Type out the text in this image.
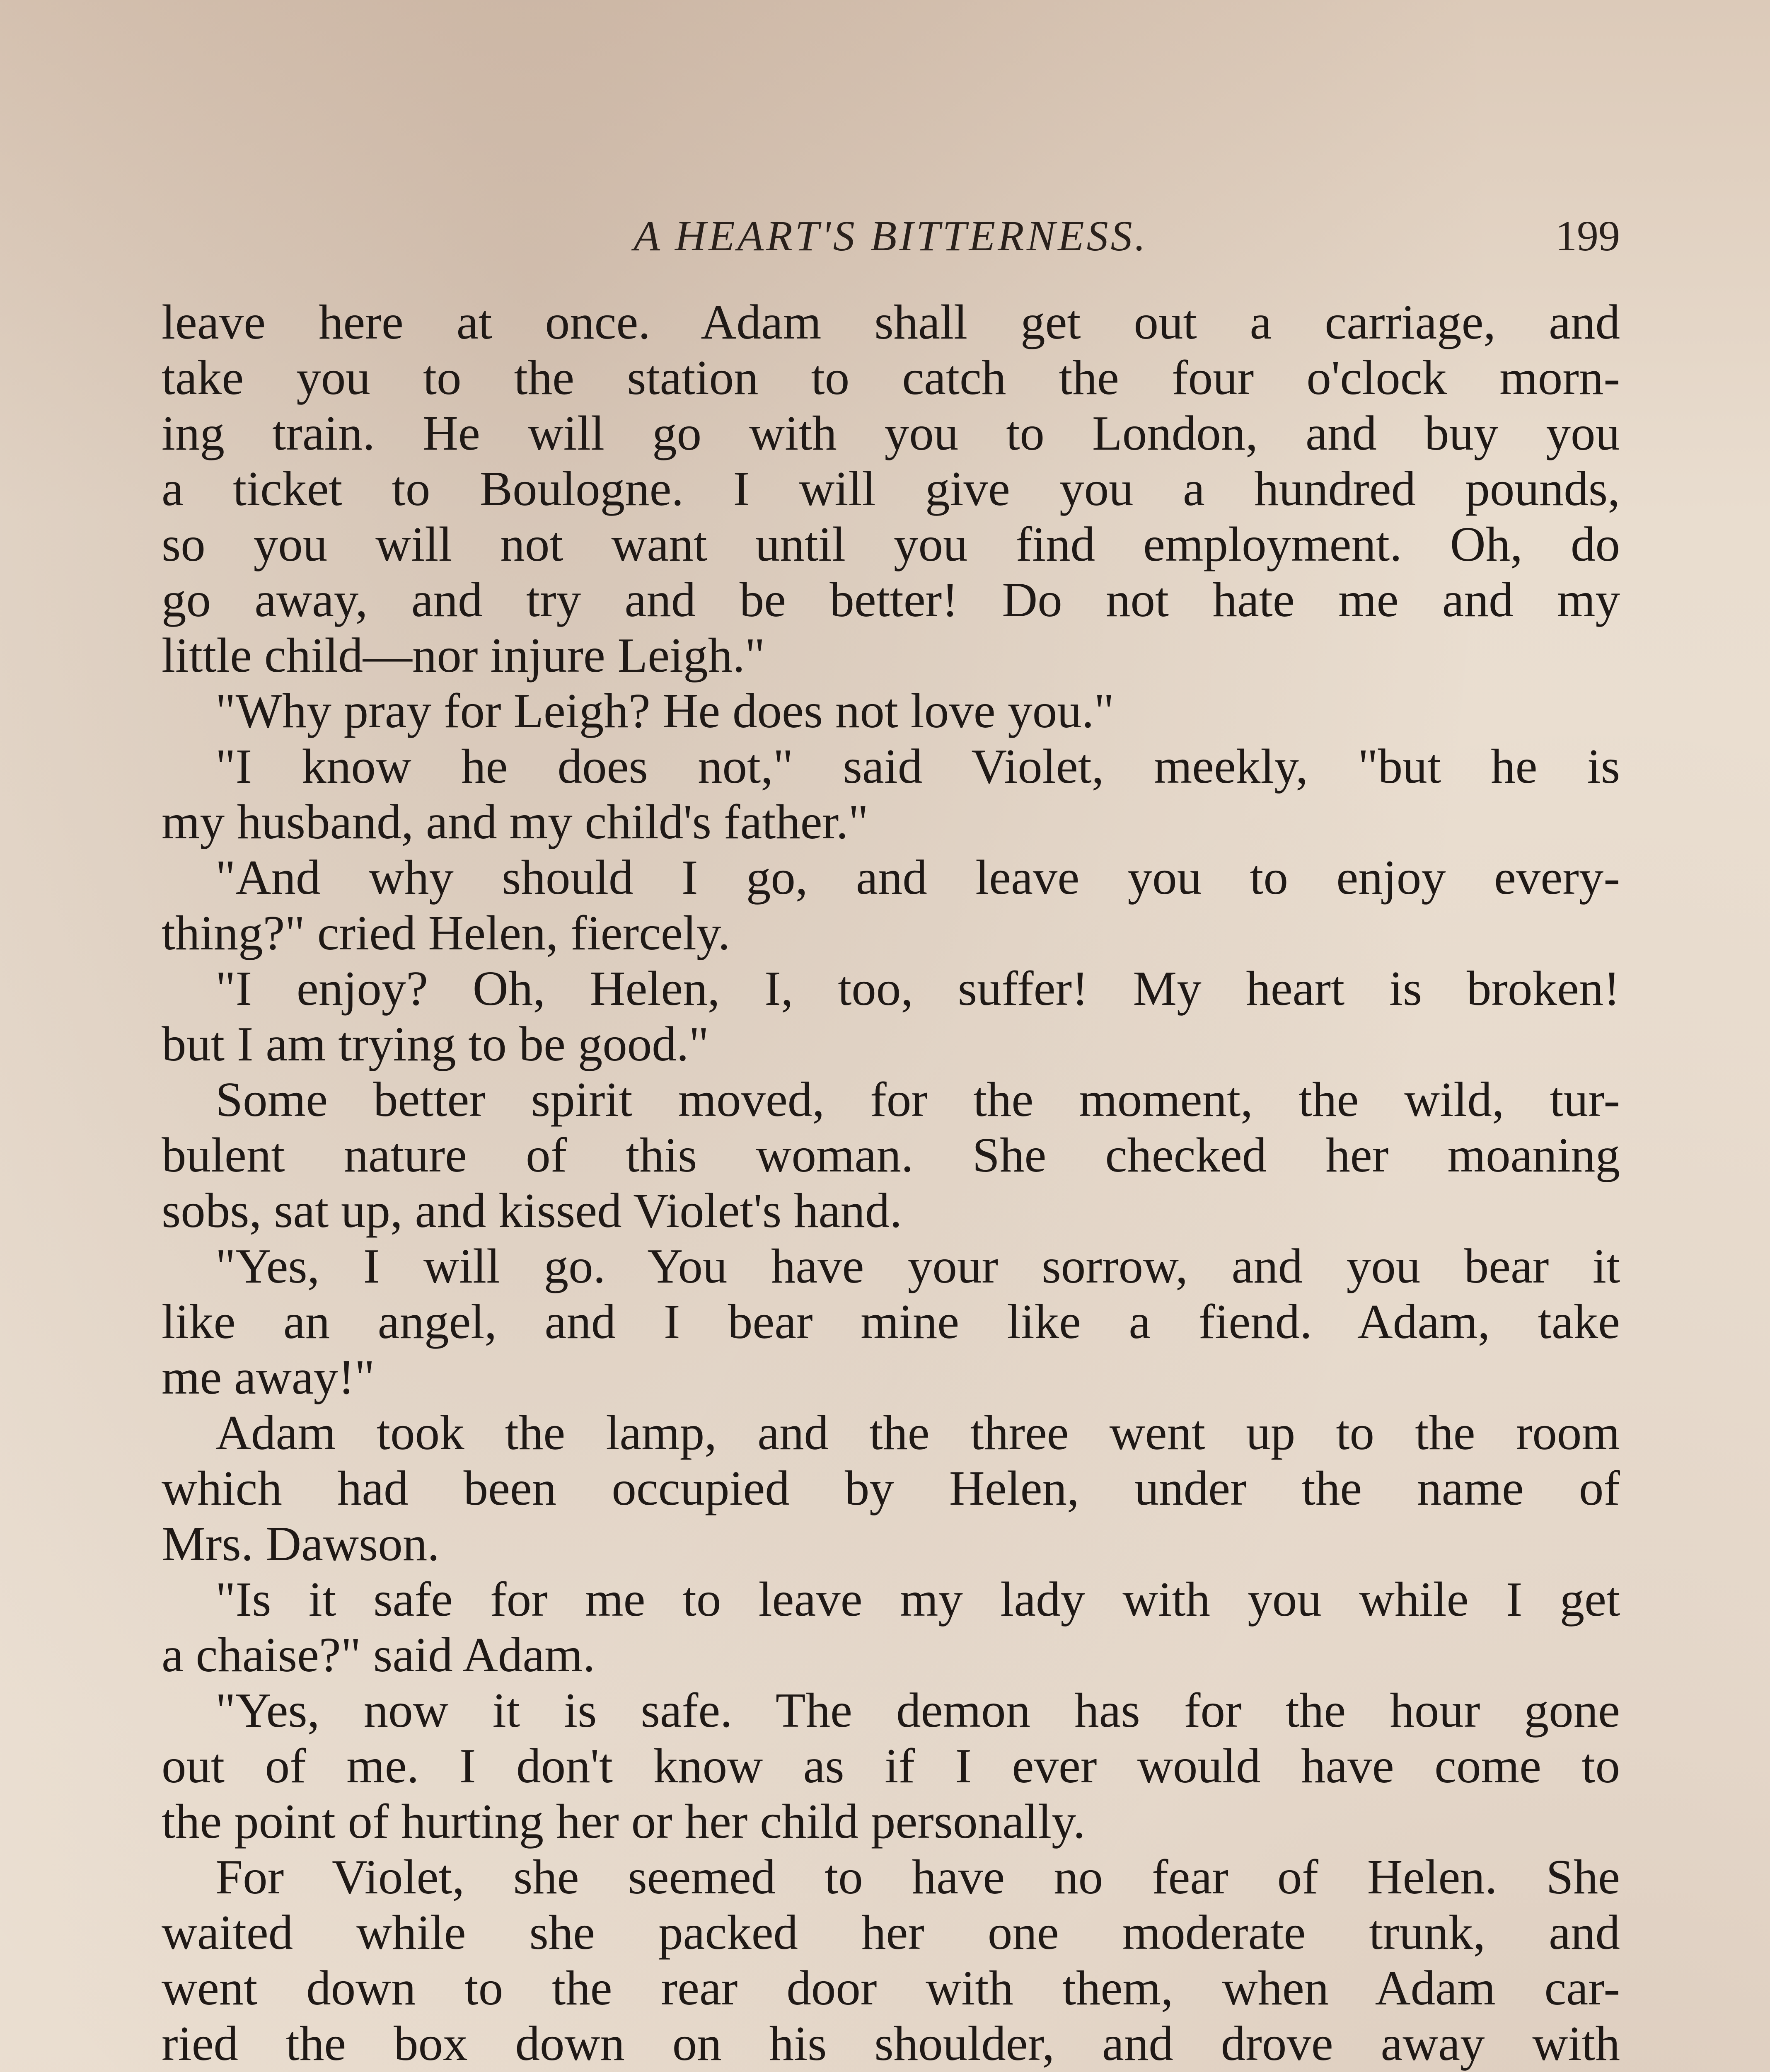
A HEART'S BITTERNESS.	199
leave here at once. Adam shall get out a carriage, and
take you to the station to catch the four o'clock morn-
ing train. He will go with you to London, and buy you
a ticket to Boulogne. I will give you a hundred pounds,
so you will not want until you find employment. Oh, do
go away, and try and be better! Do not hate me and my
little child—nor injure Leigh."
"Why pray for Leigh? He does not love you."
"I know he does not," said Violet, meekly, "but he is
my husband, and my child's father."
"And why should I go, and leave you to enjoy every-
thing?" cried Helen, fiercely.
"I enjoy? Oh, Helen, I, too, suffer! My heart is broken!
but I am trying to be good."
Some better spirit moved, for the moment, the wild, tur-
bulent nature of this woman. She checked her moaning
sobs, sat up, and kissed Violet's hand.
"Yes, I will go. You have your sorrow, and you bear it
like an angel, and I bear mine like a fiend. Adam, take
me away!"
Adam took the lamp, and the three went up to the room
which had been occupied by Helen, under the name of
Mrs. Dawson.
"Is it safe for me to leave my lady with you while I get
a chaise?" said Adam.
"Yes, now it is safe. The demon has for the hour gone
out of me. I don't know as if I ever would have come to
the point of hurting her or her child personally.
For Violet, she seemed to have no fear of Helen. She
waited while she packed her one moderate trunk, and
went down to the rear door with them, when Adam car-
ried the box down on his shoulder, and drove away with
